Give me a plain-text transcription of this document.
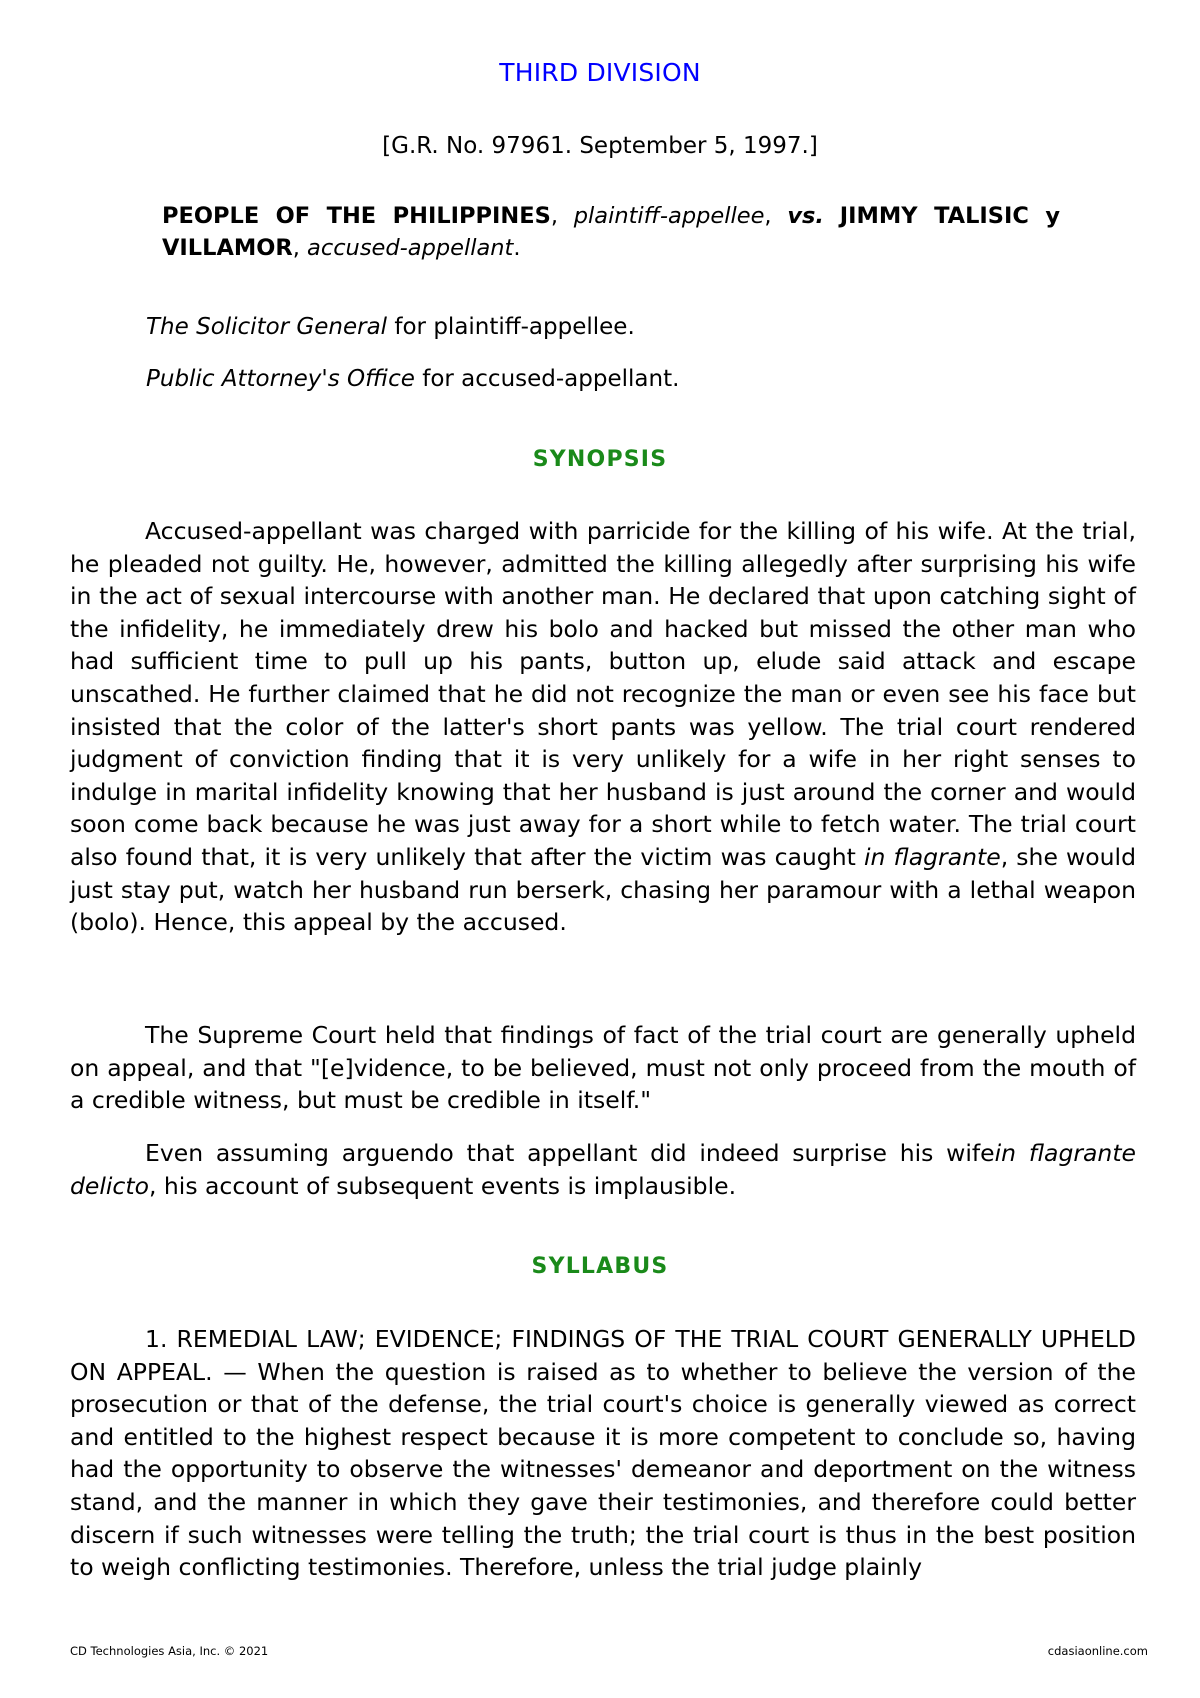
THIRD DIVISION
[G.R. No. 97961. September 5, 1997.]
PEOPLE OF THE PHILIPPINES, plaintiff-appellee, vs. JIMMY TALISIC y VILLAMOR, accused-appellant.
The Solicitor General for plaintiff-appellee.
Public Attorney's Office for accused-appellant.
SYNOPSIS

Accused-appellant was charged with parricide for the killing of his wife. At the trial, he pleaded not guilty. He, however, admitted the killing allegedly after surprising his wife in the act of sexual intercourse with another man. He declared that upon catching sight of the infidelity, he immediately drew his bolo and hacked but missed the other man who had sufficient time to pull up his pants, button up, elude said attack and escape unscathed. He further claimed that he did not recognize the man or even see his face but insisted that the color of the latter's short pants was yellow. The trial court rendered judgment of conviction finding that it is very unlikely for a wife in her right senses to indulge in marital infidelity knowing that her husband is just around the corner and would soon come back because he was just away for a short while to fetch water. The trial court also found that, it is very unlikely that after the victim was caught in flagrante, she would just stay put, watch her husband run berserk, chasing her paramour with a lethal weapon (bolo). Hence, this appeal by the accused.

The Supreme Court held that findings of fact of the trial court are generally upheld on appeal, and that "[e]vidence, to be believed, must not only proceed from the mouth of a credible witness, but must be credible in itself."

Even assuming arguendo that appellant did indeed surprise his wifein flagrante delicto, his account of subsequent events is implausible.

SYLLABUS

1. REMEDIAL LAW; EVIDENCE; FINDINGS OF THE TRIAL COURT GENERALLY UPHELD ON APPEAL. — When the question is raised as to whether to believe the version of the prosecution or that of the defense, the trial court's choice is generally viewed as correct and entitled to the highest respect because it is more competent to conclude so, having had the opportunity to observe the witnesses' demeanor and deportment on the witness stand, and the manner in which they gave their testimonies, and therefore could better discern if such witnesses were telling the truth; the trial court is thus in the best position to weigh conflicting testimonies. Therefore, unless the trial judge plainly

CD Technologies Asia, Inc. © 2021	cdasiaonline.com
